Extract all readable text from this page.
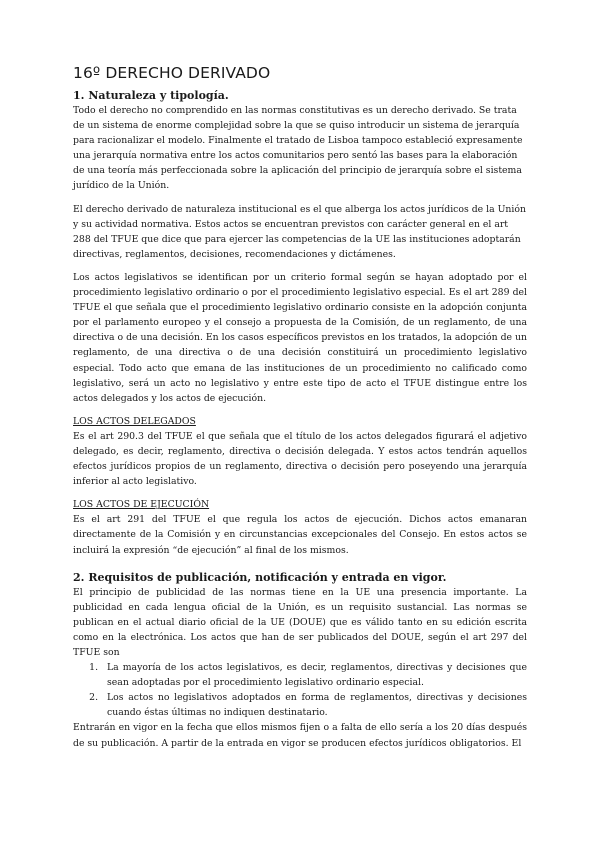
16º DERECHO DERIVADO
1. Naturaleza y tipología.

Todo el derecho no comprendido en las normas constitutivas es un derecho derivado. Se trata de un sistema de enorme complejidad sobre la que se quiso introducir un sistema de jerarquía para racionalizar el modelo. Finalmente el tratado de Lisboa tampoco estableció expresamente una jerarquía normativa entre los actos comunitarios pero sentó las bases para la elaboración de una teoría más perfeccionada sobre la aplicación del principio de jerarquía sobre el sistema jurídico de la Unión.

El derecho derivado de naturaleza institucional es el que alberga los actos jurídicos de la Unión y su actividad normativa. Estos actos se encuentran previstos con carácter general en el art 288 del TFUE que dice que para ejercer las competencias de la UE las instituciones adoptarán directivas, reglamentos, decisiones, recomendaciones y dictámenes.

Los actos legislativos se identifican por un criterio formal según se hayan adoptado por el procedimiento legislativo ordinario o por el procedimiento legislativo especial. Es el art 289 del TFUE el que señala que el procedimiento legislativo ordinario consiste en la adopción conjunta por el parlamento europeo y el consejo a propuesta de la Comisión, de un reglamento, de una directiva o de una decisión. En los casos específicos previstos en los tratados, la adopción de un reglamento, de una directiva o de una decisión constituirá un procedimiento legislativo especial. Todo acto que emana de las instituciones de un procedimiento no calificado como legislativo, será un acto no legislativo y entre este tipo de acto el TFUE distingue entre los actos delegados y los actos de ejecución.

LOS ACTOS DELEGADOS

Es el art 290.3 del TFUE el que señala que el título de los actos delegados figurará el adjetivo delegado, es decir, reglamento, directiva o decisión delegada. Y estos actos tendrán aquellos efectos jurídicos propios de un reglamento, directiva o decisión pero poseyendo una jerarquía inferior al acto legislativo.

LOS ACTOS DE EJECUCIÓN

Es el art 291 del TFUE el que regula los actos de ejecución. Dichos actos emanaran directamente de la Comisión y en circunstancias excepcionales del Consejo. En estos actos se incluirá la expresión “de ejecución” al final de los mismos.

2. Requisitos de publicación, notificación y entrada en vigor.

El principio de publicidad de las normas tiene en la UE una presencia importante. La publicidad en cada lengua oficial de la Unión, es un requisito sustancial. Las normas se publican en el actual diario oficial de la UE (DOUE) que es válido tanto en su edición escrita como en la electrónica. Los actos que han de ser publicados del DOUE, según el art 297 del TFUE son

1. La mayoría de los actos legislativos, es decir, reglamentos, directivas y decisiones que sean adoptadas por el procedimiento legislativo ordinario especial.
2. Los actos no legislativos adoptados en forma de reglamentos, directivas y decisiones cuando éstas últimas no indiquen destinatario.

Entrarán en vigor en la fecha que ellos mismos fijen o a falta de ello sería a los 20 días después de su publicación. A partir de la entrada en vigor se producen efectos jurídicos obligatorios. El
